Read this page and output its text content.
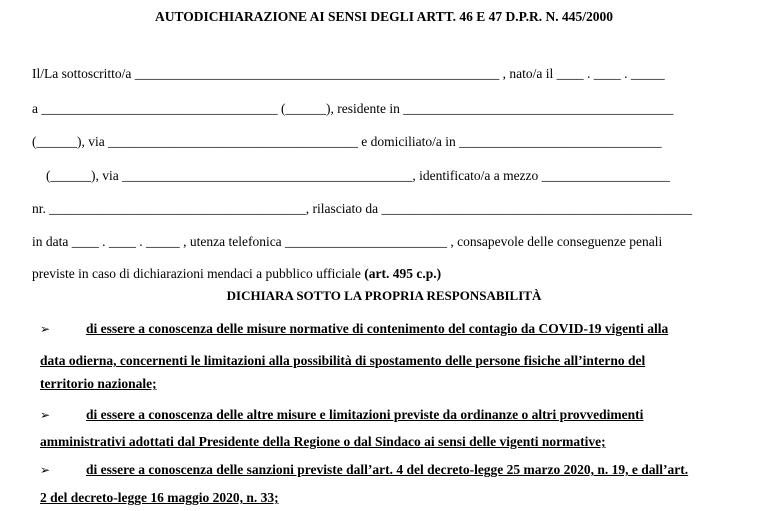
AUTODICHIARAZIONE AI SENSI DEGLI ARTT. 46 E 47 D.P.R. N. 445/2000
Il/La sottoscritto/a ______________________________________________________ , nato/a il ____ . ____ . _____
a ___________________________________ (______), residente in ________________________________________
(______), via _____________________________________ e domiciliato/a in ______________________________
(______), via ___________________________________________, identificato/a a mezzo ___________________
nr. ______________________________________, rilasciato da ______________________________________________
in data ____ . ____ . _____ , utenza telefonica ________________________ , consapevole delle conseguenze penali
previste in caso di dichiarazioni mendaci a pubblico ufficiale (art. 495 c.p.)
DICHIARA SOTTO LA PROPRIA RESPONSABILITÀ
➢	di essere a conoscenza delle misure normative di contenimento del contagio da COVID-19 vigenti alla
data odierna, concernenti le limitazioni alla possibilità di spostamento delle persone fisiche all’interno del
territorio nazionale;
➢	di essere a conoscenza delle altre misure e limitazioni previste da ordinanze o altri provvedimenti
amministrativi adottati dal Presidente della Regione o dal Sindaco ai sensi delle vigenti normative;
➢	di essere a conoscenza delle sanzioni previste dall’art. 4 del decreto-legge 25 marzo 2020, n. 19, e dall’art.
2 del decreto-legge 16 maggio 2020, n. 33;
